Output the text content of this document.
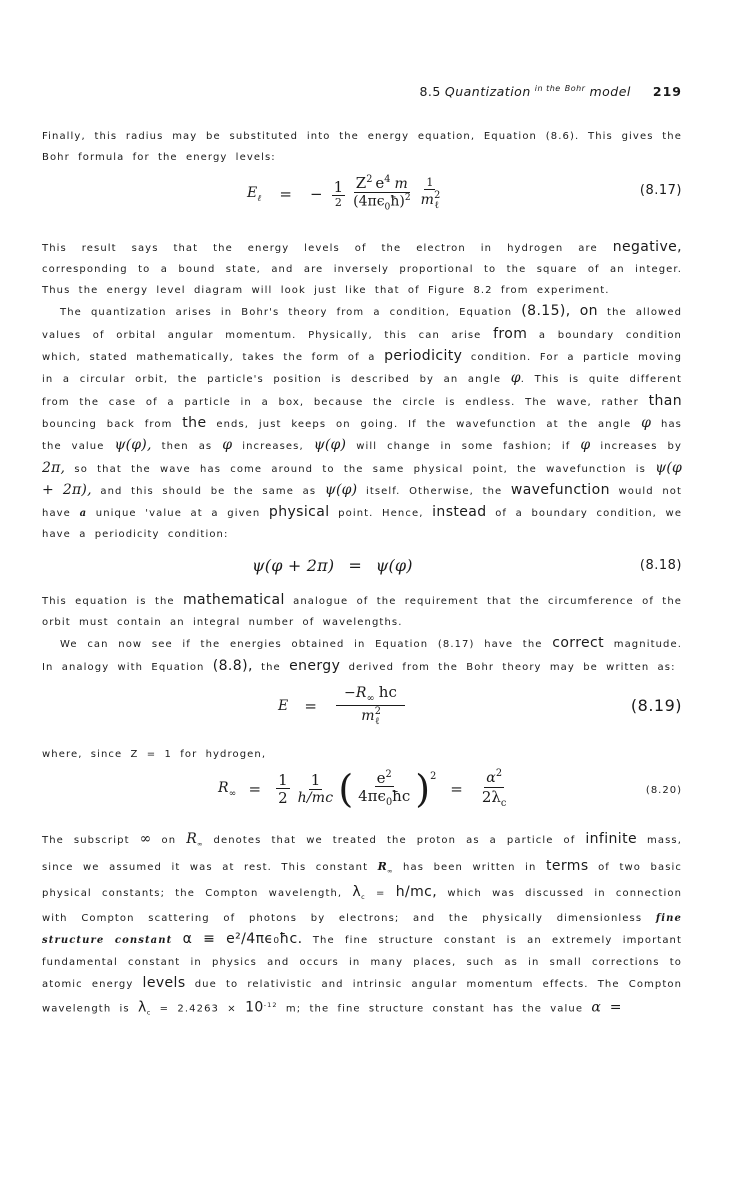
8.5 Quantization in the Bohr model 219

Finally, this radius may be substituted into the energy equation, Equation (8.6). This gives the Bohr formula for the energy levels:

$E_\ell$ = − $\frac{1}{2} \frac{Z^2 e^4 m}{(4\pi\epsilon_0ħ)^2} \frac{1}{m^2_\ell}$	(8.17)

This result says that the energy levels of the electron in hydrogen are negative, corresponding to a bound state, and are inversely proportional to the square of an integer. Thus the energy level diagram will look just like that of Figure 8.2 from experiment.

The quantization arises in Bohr's theory from a condition, Equation (8.15), on the allowed values of orbital angular momentum. Physically, this can arise from a boundary condition which, stated mathematically, takes the form of a periodicity condition. For a particle moving in a circular orbit, the particle's position is described by an angle φ. This is quite different from the case of a particle in a box, because the circle is endless. The wave, rather than bouncing back from the ends, just keeps on going. If the wavefunction at the angle φ has the value ψ(φ), then as φ increases, ψ(φ) will change in some fashion; if φ increases by 2π, so that the wave has come around to the same physical point, the wavefunction is ψ(φ + 2π), and this should be the same as ψ(φ) itself. Otherwise, the wavefunction would not have a unique 'value at a given physical point. Hence, instead of a boundary condition, we have a periodicity condition:

ψ(φ + 2π) = ψ(φ)	(8.18)

This equation is the mathematical analogue of the requirement that the circumference of the orbit must contain an integral number of wavelengths.

We can now see if the energies obtained in Equation (8.17) have the correct magnitude. In analogy with Equation (8.8), the energy derived from the Bohr theory may be written as:

$E = \frac{-R_\infty hc}{m^2_\ell}$	(8.19)

where, since Z = 1 for hydrogen,

$R_\infty = \frac{1}{2} \frac{1}{h/mc}$ ( $\frac{e^2}{4\pi\epsilon_0ħc} )^2$
= $\frac{\alpha^2}{2\lambda_c}$	(8.20)

The subscript ∞ on $R_\infty$ denotes that we treated the proton as a particle of infinite mass, since we assumed it was at rest. This constant $R_\infty$ has been written in terms of two basic physical constants; the Compton wavelength, $\lambda_c = h/mc$, which was discussed in connection with Compton scattering of photons by electrons; and the physically dimensionless fine structure constant α ≡ e²/4πϵ₀ħc. The fine structure constant is an extremely important fundamental constant in physics and occurs in many places, such as in small corrections to atomic energy levels due to relativistic and intrinsic angular momentum effects. The Compton wavelength is $\lambda_c = 2.4263 \times 10^{-12}$ m; the fine structure constant has the value α =
